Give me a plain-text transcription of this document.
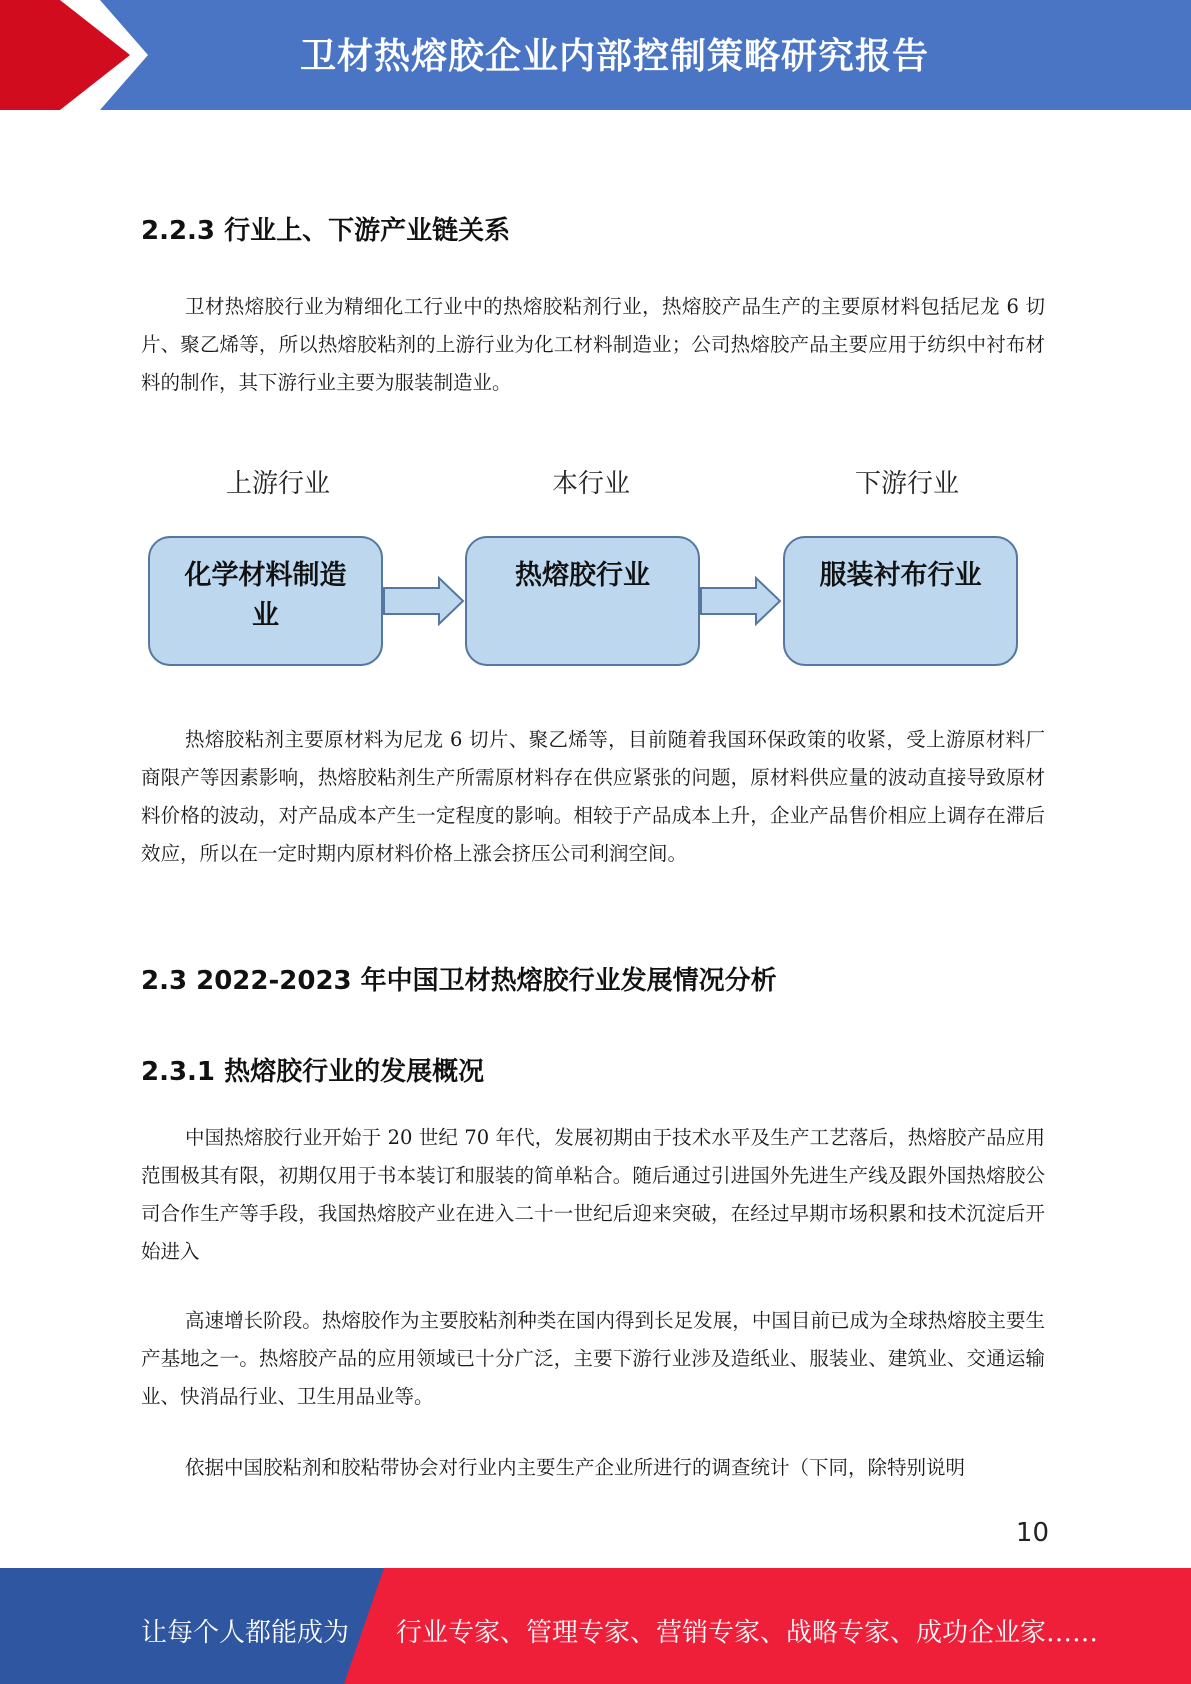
卫材热熔胶企业内部控制策略研究报告
2.2.3 行业上、下游产业链关系

卫材热熔胶行业为精细化工行业中的热熔胶粘剂行业，热熔胶产品生产的主要原材料包括尼龙 6 切片、聚乙烯等，所以热熔胶粘剂的上游行业为化工材料制造业；公司热熔胶产品主要应用于纺织中衬布材料的制作，其下游行业主要为服装制造业。

上游行业	本行业	下游行业
化学材料制造业
热熔胶行业	服装衬布行业

热熔胶粘剂主要原材料为尼龙 6 切片、聚乙烯等，目前随着我国环保政策的收紧，受上游原材料厂商限产等因素影响，热熔胶粘剂生产所需原材料存在供应紧张的问题，原材料供应量的波动直接导致原材料价格的波动，对产品成本产生一定程度的影响。相较于产品成本上升，企业产品售价相应上调存在滞后效应，所以在一定时期内原材料价格上涨会挤压公司利润空间。

2.3 2022-2023 年中国卫材热熔胶行业发展情况分析
2.3.1 热熔胶行业的发展概况

中国热熔胶行业开始于 20 世纪 70 年代，发展初期由于技术水平及生产工艺落后，热熔胶产品应用范围极其有限，初期仅用于书本装订和服装的简单粘合。随后通过引进国外先进生产线及跟外国热熔胶公司合作生产等手段，我国热熔胶产业在进入二十一世纪后迎来突破，在经过早期市场积累和技术沉淀后开始进入

高速增长阶段。热熔胶作为主要胶粘剂种类在国内得到长足发展，中国目前已成为全球热熔胶主要生产基地之一。热熔胶产品的应用领域已十分广泛，主要下游行业涉及造纸业、服装业、建筑业、交通运输业、快消品行业、卫生用品业等。

依据中国胶粘剂和胶粘带协会对行业内主要生产企业所进行的调查统计（下同，除特别说明

10
让每个人都能成为 行业专家、管理专家、营销专家、战略专家、成功企业家……
